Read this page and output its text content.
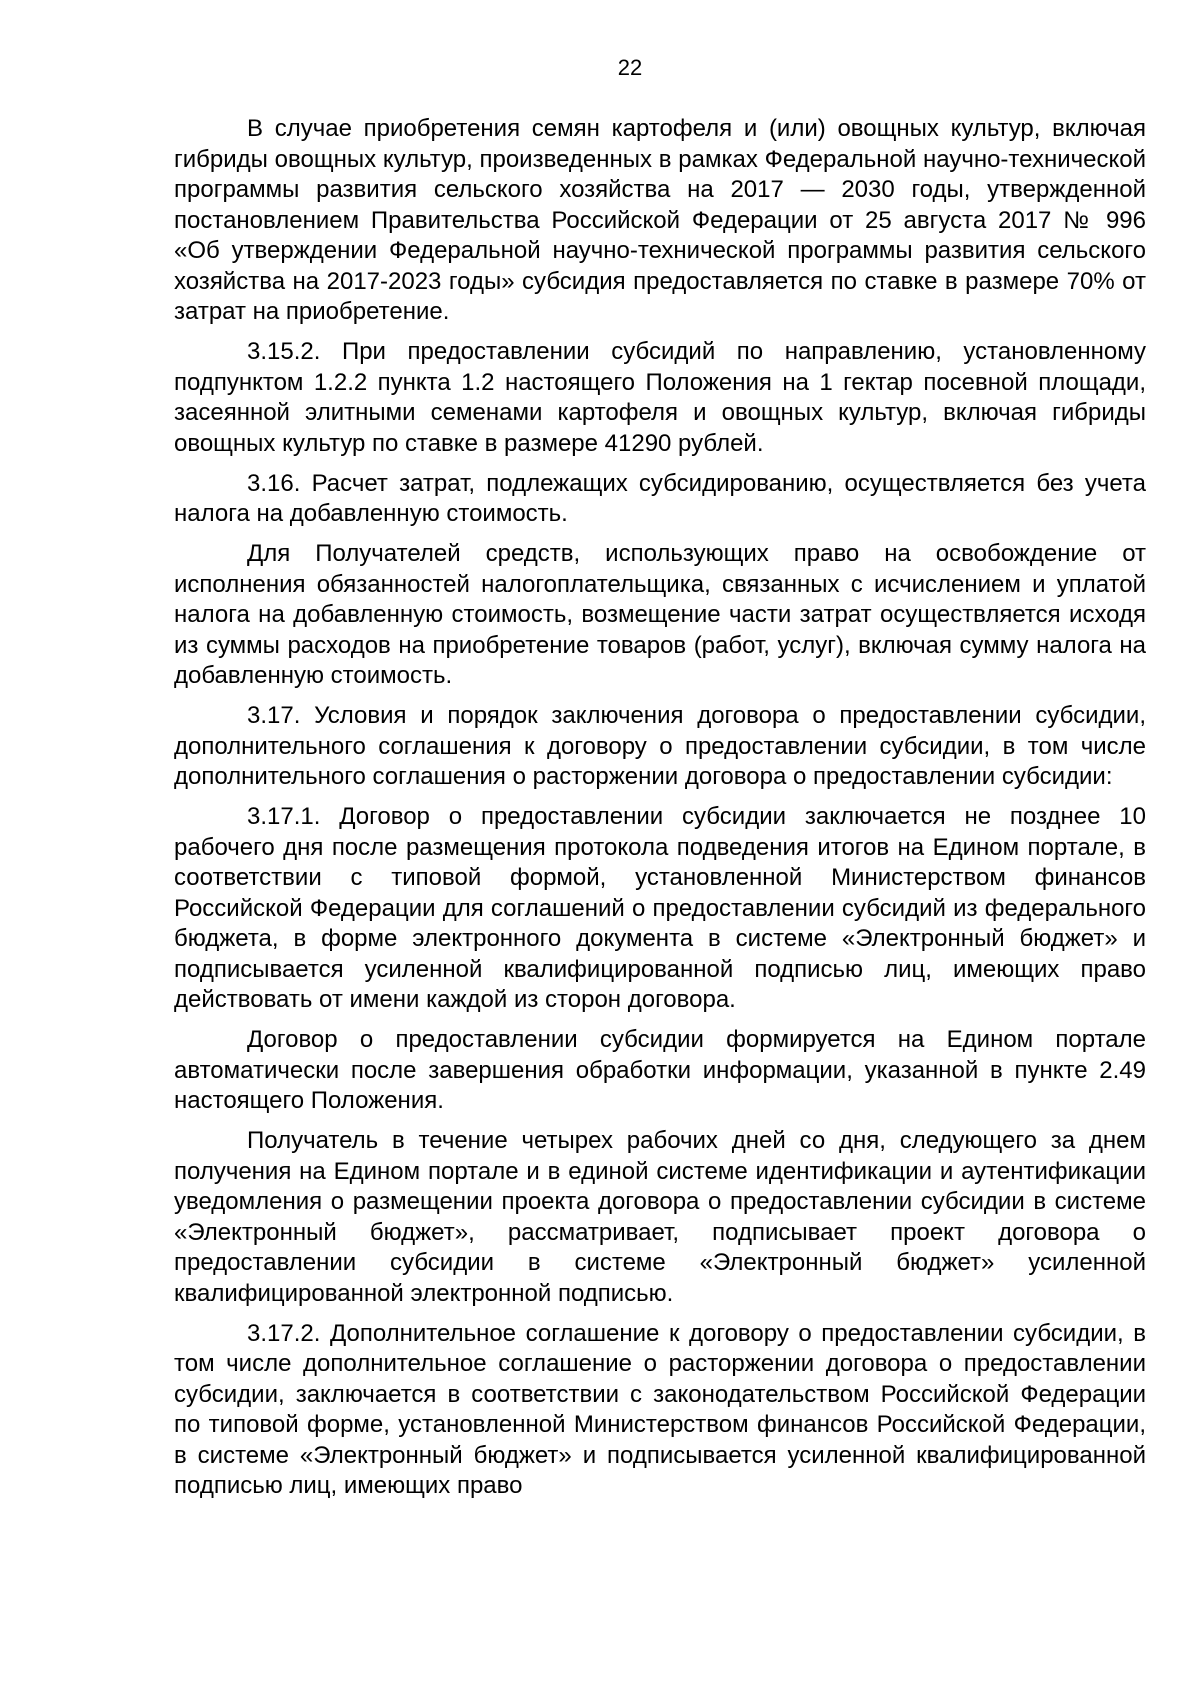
22

В случае приобретения семян картофеля и (или) овощных культур, включая гибриды овощных культур, произведенных в рамках Федеральной научно-технической программы развития сельского хозяйства на 2017 — 2030 годы, утвержденной постановлением Правительства Российской Федерации от 25 августа 2017 № 996 «Об утверждении Федеральной научно-технической программы развития сельского хозяйства на 2017-2023 годы» субсидия предоставляется по ставке в размере 70% от затрат на приобретение.

3.15.2. При предоставлении субсидий по направлению, установленному подпунктом 1.2.2 пункта 1.2 настоящего Положения на 1 гектар посевной площади, засеянной элитными семенами картофеля и овощных культур, включая гибриды овощных культур по ставке в размере 41290 рублей.

3.16. Расчет затрат, подлежащих субсидированию, осуществляется без учета налога на добавленную стоимость.

Для Получателей средств, использующих право на освобождение от исполнения обязанностей налогоплательщика, связанных с исчислением и уплатой налога на добавленную стоимость, возмещение части затрат осуществляется исходя из суммы расходов на приобретение товаров (работ, услуг), включая сумму налога на добавленную стоимость.

3.17. Условия и порядок заключения договора о предоставлении субсидии, дополнительного соглашения к договору о предоставлении субсидии, в том числе дополнительного соглашения о расторжении договора о предоставлении субсидии:

3.17.1. Договор о предоставлении субсидии заключается не позднее 10 рабочего дня после размещения протокола подведения итогов на Едином портале, в соответствии с типовой формой, установленной Министерством финансов Российской Федерации для соглашений о предоставлении субсидий из федерального бюджета, в форме электронного документа в системе «Электронный бюджет» и подписывается усиленной квалифицированной подписью лиц, имеющих право действовать от имени каждой из сторон договора.

Договор о предоставлении субсидии формируется на Едином портале автоматически после завершения обработки информации, указанной в пункте 2.49 настоящего Положения.

Получатель в течение четырех рабочих дней со дня, следующего за днем получения на Едином портале и в единой системе идентификации и аутентификации уведомления о размещении проекта договора о предоставлении субсидии в системе «Электронный бюджет», рассматривает, подписывает проект договора о предоставлении субсидии в системе «Электронный бюджет» усиленной квалифицированной электронной подписью.

3.17.2. Дополнительное соглашение к договору о предоставлении субсидии, в том числе дополнительное соглашение о расторжении договора о предоставлении субсидии, заключается в соответствии с законодательством Российской Федерации по типовой форме, установленной Министерством финансов Российской Федерации, в системе «Электронный бюджет» и подписывается усиленной квалифицированной подписью лиц, имеющих право
